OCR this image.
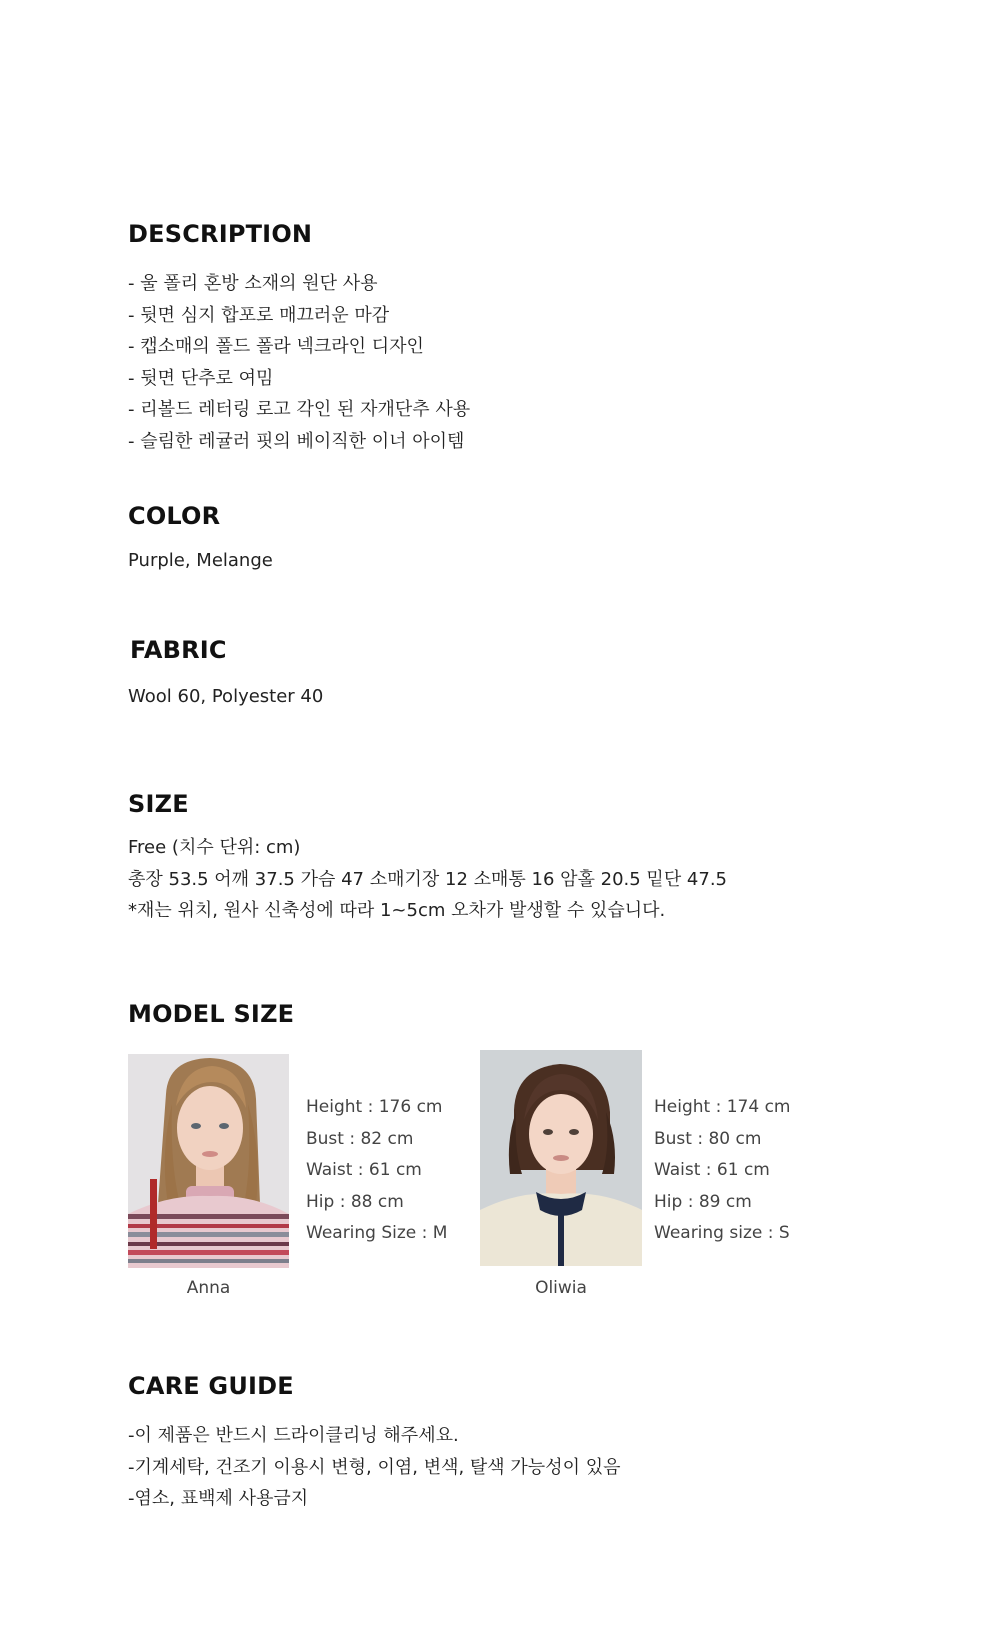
DESCRIPTION
- 울 폴리 혼방 소재의 원단 사용
- 뒷면 심지 합포로 매끄러운 마감
- 캡소매의 폴드 폴라 넥크라인 디자인
- 뒷면 단추로 여밈
- 리볼드 레터링 로고 각인 된 자개단추 사용
- 슬림한 레귤러 핏의 베이직한 이너 아이템
COLOR

Purple, Melange

FABRIC

Wool 60, Polyester 40

SIZE
Free (치수 단위: cm)
총장 53.5 어깨 37.5 가슴 47 소매기장 12 소매통 16 암홀 20.5 밑단 47.5
*재는 위치, 원사 신축성에 따라 1~5cm 오차가 발생할 수 있습니다.
MODEL SIZE
Height : 176 cm
Bust : 82 cm
Waist : 61 cm
Hip : 88 cm
Wearing Size : M
Anna
Height : 174 cm
Bust : 80 cm
Waist : 61 cm
Hip : 89 cm
Wearing size : S
Oliwia
CARE GUIDE
-이 제품은 반드시 드라이클리닝 해주세요.
-기계세탁, 건조기 이용시 변형, 이염, 변색, 탈색 가능성이 있음
-염소, 표백제 사용금지
